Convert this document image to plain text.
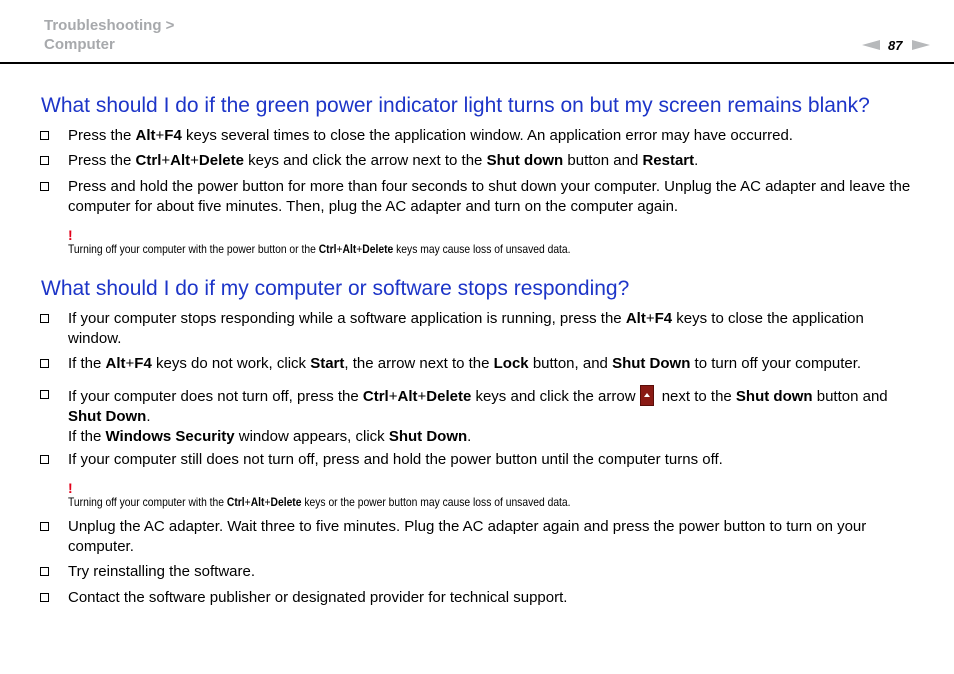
Troubleshooting >
Computer	87
What should I do if the green power indicator light turns on but my screen remains blank?
Press the Alt+F4 keys several times to close the application window. An application error may have occurred.
Press the Ctrl+Alt+Delete keys and click the arrow next to the Shut down button and Restart.
Press and hold the power button for more than four seconds to shut down your computer. Unplug the AC adapter and leave the computer for about five minutes. Then, plug the AC adapter and turn on the computer again.
!
Turning off your computer with the power button or the Ctrl+Alt+Delete keys may cause loss of unsaved data.
What should I do if my computer or software stops responding?
If your computer stops responding while a software application is running, press the Alt+F4 keys to close the application window.
If the Alt+F4 keys do not work, click Start, the arrow next to the Lock button, and Shut Down to turn off your computer.
If your computer does not turn off, press the Ctrl+Alt+Delete keys and click the arrow next to the Shut down button and Shut Down.
If the Windows Security window appears, click Shut Down.
If your computer still does not turn off, press and hold the power button until the computer turns off.
!
Turning off your computer with the Ctrl+Alt+Delete keys or the power button may cause loss of unsaved data.
Unplug the AC adapter. Wait three to five minutes. Plug the AC adapter again and press the power button to turn on your computer.
Try reinstalling the software.
Contact the software publisher or designated provider for technical support.
